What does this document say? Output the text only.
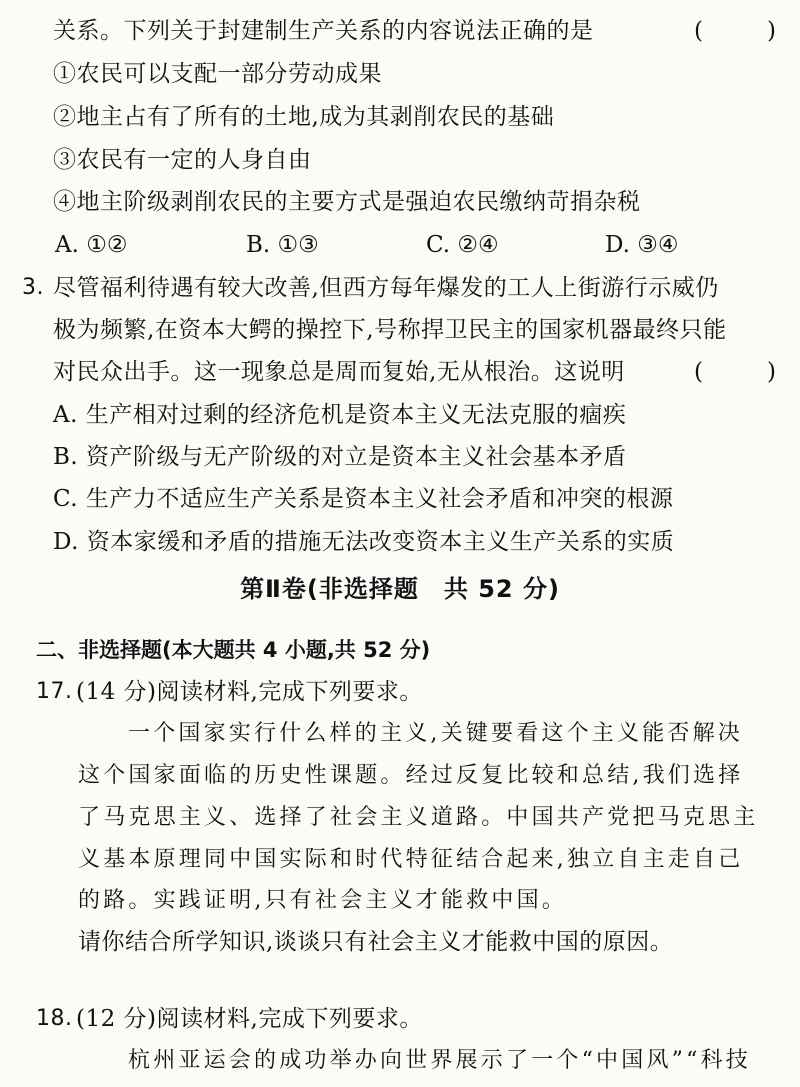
关系。下列关于封建制生产关系的内容说法正确的是	(　　)
①农民可以支配一部分劳动成果
②地主占有了所有的土地,成为其剥削农民的基础
③农民有一定的人身自由
④地主阶级剥削农民的主要方式是强迫农民缴纳苛捐杂税
A. ①②	B. ①③	C. ②④	D. ③④
3. 尽管福利待遇有较大改善,但西方每年爆发的工人上街游行示威仍
极为频繁,在资本大鳄的操控下,号称捍卫民主的国家机器最终只能
对民众出手。这一现象总是周而复始,无从根治。这说明	(　　)
A. 生产相对过剩的经济危机是资本主义无法克服的痼疾
B. 资产阶级与无产阶级的对立是资本主义社会基本矛盾
C. 生产力不适应生产关系是资本主义社会矛盾和冲突的根源
D. 资本家缓和矛盾的措施无法改变资本主义生产关系的实质
第Ⅱ卷(非选择题　共 52 分)
二、非选择题(本大题共 4 小题,共 52 分)
17. (14 分)阅读材料,完成下列要求。
一个国家实行什么样的主义,关键要看这个主义能否解决
这个国家面临的历史性课题。经过反复比较和总结,我们选择
了马克思主义、选择了社会主义道路。中国共产党把马克思主
义基本原理同中国实际和时代特征结合起来,独立自主走自己
的路。实践证明,只有社会主义才能救中国。
请你结合所学知识,谈谈只有社会主义才能救中国的原因。
18. (12 分)阅读材料,完成下列要求。
杭州亚运会的成功举办向世界展示了一个“中国风”“科技
